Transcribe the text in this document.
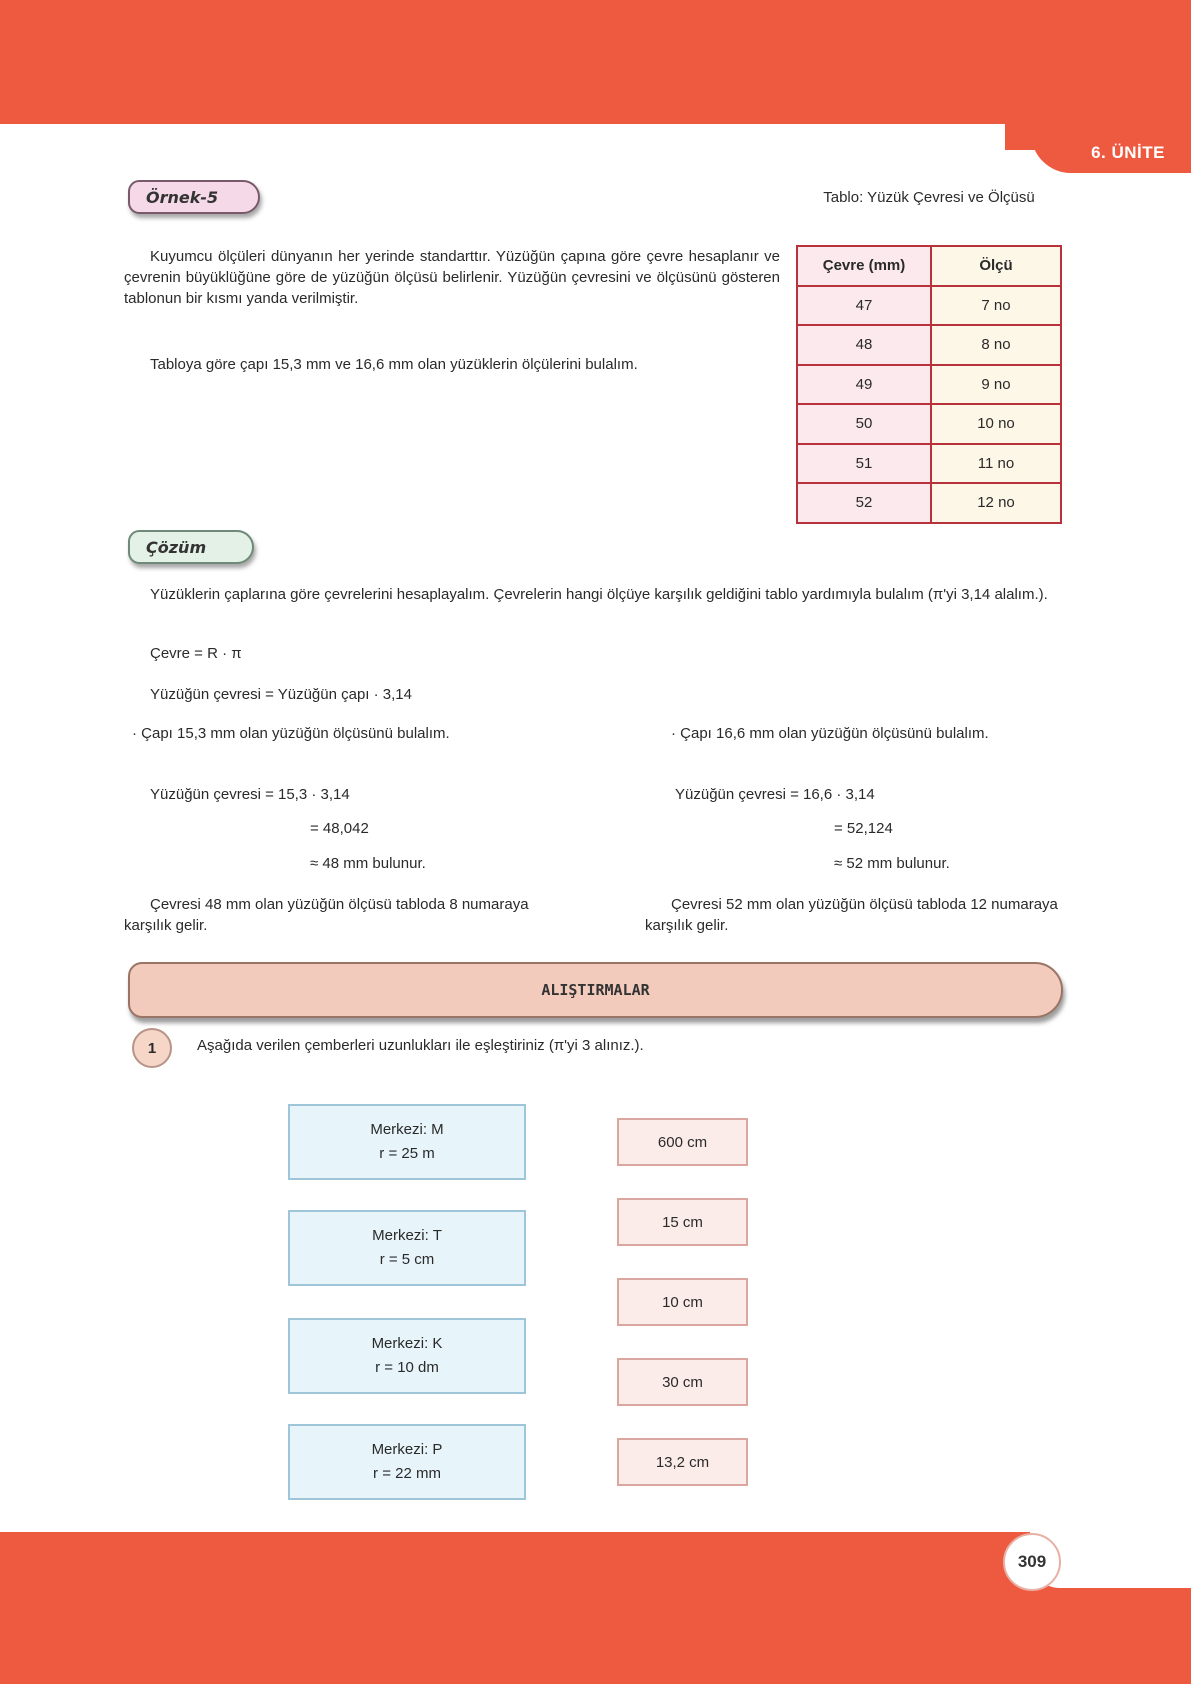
6. ÜNİTE
Örnek-5

Kuyumcu ölçüleri dünyanın her yerinde standarttır. Yüzüğün çapına göre çevre hesaplanır ve çevrenin büyüklüğüne göre de yüzüğün ölçüsü belirlenir. Yüzüğün çevresini ve ölçüsünü gösteren tablonun bir kısmı yanda verilmiştir.

Tabloya göre çapı 15,3 mm ve 16,6 mm olan yüzüklerin ölçülerini bulalım.

Tablo: Yüzük Çevresi ve Ölçüsü
Çevre (mm)	Ölçü
47	7 no
48	8 no
49	9 no
50	10 no
51	11 no
52	12 no
Çözüm

Yüzüklerin çaplarına göre çevrelerini hesaplayalım. Çevrelerin hangi ölçüye karşılık geldiğini tablo yardımıyla bulalım (π'yi 3,14 alalım.).

Çevre = R · π
Yüzüğün çevresi = Yüzüğün çapı · 3,14
· Çapı 15,3 mm olan yüzüğün ölçüsünü bulalım.
Yüzüğün çevresi = 15,3 · 3,14
= 48,042
≈ 48 mm bulunur.
Çevresi 48 mm olan yüzüğün ölçüsü tabloda 8 numaraya karşılık gelir.
· Çapı 16,6 mm olan yüzüğün ölçüsünü bulalım.
Yüzüğün çevresi = 16,6 · 3,14
= 52,124
≈ 52 mm bulunur.
Çevresi 52 mm olan yüzüğün ölçüsü tabloda 12 numaraya karşılık gelir.
ALIŞTIRMALAR
1	Aşağıda verilen çemberleri uzunlukları ile eşleştiriniz (π'yi 3 alınız.).
Merkezi: M
r = 25 m
Merkezi: T
r = 5 cm
Merkezi: K
r = 10 dm
Merkezi: P
r = 22 mm
600 cm
15 cm
10 cm
30 cm
13,2 cm
309
